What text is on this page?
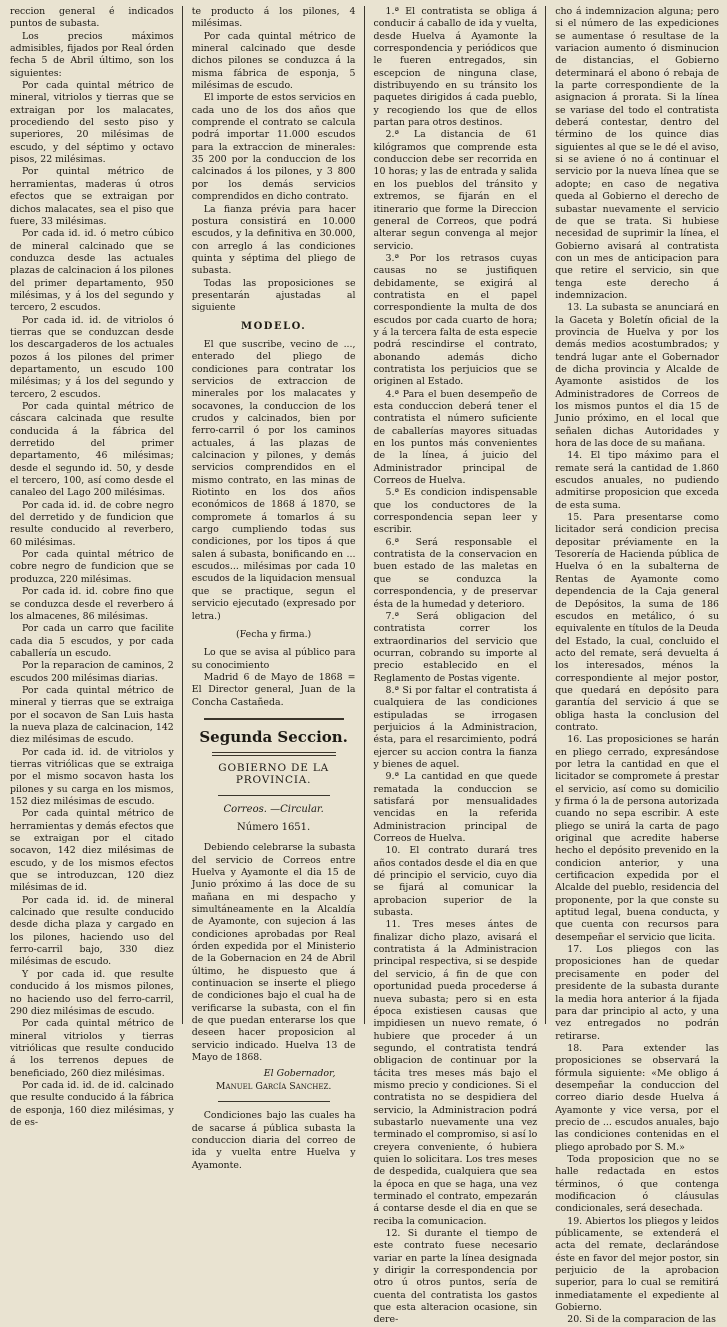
reccion general é indicados puntos de subasta.

Los precios máximos admisibles, fijados por Real órden fecha 5 de Abril último, son los siguientes:

Por cada quintal métrico de mineral, vitriolos y tierras que se extraigan por los malacates, procediendo del sesto piso y superiores, 20 milésimas de escudo, y del séptimo y octavo pisos, 22 milésimas.

Por quintal métrico de herramientas, maderas ú otros efectos que se extraigan por dichos malacates, sea el piso que fuere, 33 milésimas.

Por cada id. id. ó metro cúbico de mineral calcinado que se conduzca desde las actuales plazas de calcinacion á los pilones del primer departamento, 950 milésimas, y á los del segundo y tercero, 2 escudos.

Por cada id. id. de vitriolos ó tierras que se conduzcan desde los descargaderos de los actuales pozos á los pilones del primer departamento, un escudo 100 milésimas; y á los del segundo y tercero, 2 escudos.

Por cada quintal métrico de cáscara calcinada que resulte conducida á la fábrica del derretido del primer departamento, 46 milésimas; desde el segundo id. 50, y desde el tercero, 100, así como desde el canaleo del Lago 200 milésimas.

Por cada id. id. de cobre negro del derretido y de fundicion que resulte conducido al reverbero, 60 milésimas.

Por cada quintal métrico de cobre negro de fundicion que se produzca, 220 milésimas.

Por cada id. id. cobre fino que se conduzca desde el reverbero á los almacenes, 86 milésimas.

Por cada un carro que facilite cada dia 5 escudos, y por cada caballería un escudo.

Por la reparacion de caminos, 2 escudos 200 milésimas diarias.

Por cada quintal métrico de mineral y tierras que se extraiga por el socavon de San Luis hasta la nueva plaza de calcinacion, 142 diez milésimas de escudo.

Por cada id. id. de vitriolos y tierras vitriólicas que se extraiga por el mismo socavon hasta los pilones y su carga en los mismos, 152 diez milésimas de escudo.

Por cada quintal métrico de herramientas y demás efectos que se extraigan por el citado socavon, 142 diez milésimas de escudo, y de los mismos efectos que se introduzcan, 120 diez milésimas de id.

Por cada id. id. de mineral calcinado que resulte conducido desde dicha plaza y cargado en los pilones, haciendo uso del ferro-carril bajo, 330 diez milésimas de escudo.

Y por cada id. que resulte conducido á los mismos pilones, no haciendo uso del ferro-carril, 290 diez milésimas de escudo.

Por cada quintal métrico de mineral vitriolos y tierras vitriólicas que resulte conducido á los terrenos depues de beneficiado, 260 diez milésimas.

Por cada id. id. de id. calcinado que resulte conducido á la fábrica de esponja, 160 diez milésimas, y de es-

te producto á los pilones, 4 milésimas.

Por cada quintal métrico de mineral calcinado que desde dichos pilones se conduzca á la misma fábrica de esponja, 5 milésimas de escudo.

El importe de estos servicios en cada uno de los dos años que comprende el contrato se calcula podrá importar 11.000 escudos para la extraccion de minerales: 35 200 por la conduccion de los calcinados á los pilones, y 3 800 por los demás servicios comprendidos en dicho contrato.

La fianza prévia para hacer postura consistirá en 10.000 escudos, y la definitiva en 30.000, con arreglo á las condiciones quinta y séptima del pliego de subasta.

Todas las proposiciones se presentarán ajustadas al siguiente

MODELO.

El que suscribe, vecino de ..., enterado del pliego de condiciones para contratar los servicios de extraccion de minerales por los malacates y socavones, la conduccion de los crudos y calcinados, bien por ferro-carril ó por los caminos actuales, á las plazas de calcinacion y pilones, y demás servicios comprendidos en el mismo contrato, en las minas de Riotinto en los dos años económicos de 1868 á 1870, se compromete á tomarlos á su cargo cumpliendo todas sus condiciones, por los tipos á que salen á subasta, bonificando en ... escudos... milésimas por cada 10 escudos de la liquidacion mensual que se practique, segun el servicio ejecutado (expresado por letra.)

(Fecha y firma.)

Lo que se avisa al público para su conocimiento

Madrid 6 de Mayo de 1868 = El Director general, Juan de la Concha Castañeda.

Segunda Seccion.
GOBIERNO DE LA PROVINCIA.
Correos. —Circular.
Número 1651.

Debiendo celebrarse la subasta del servicio de Correos entre Huelva y Ayamonte el dia 15 de Junio próximo á las doce de su mañana en mi despacho y simultáneamente en la Alcaldía de Ayamonte, con sujecion á las condiciones aprobadas por Real órden expedida por el Ministerio de la Gobernacion en 24 de Abril último, he dispuesto que á continuacion se inserte el pliego de condiciones bajo el cual ha de verificarse la subasta, con el fin de que puedan enterarse los que deseen hacer proposicion al servicio indicado. Huelva 13 de Mayo de 1868.

El Gobernador,
Manuel García Sanchez.

Condiciones bajo las cuales ha de sacarse á pública subasta la conduccion diaria del correo de ida y vuelta entre Huelva y Ayamonte.

1.ª El contratista se obliga á conducir á caballo de ida y vuelta, desde Huelva á Ayamonte la correspondencia y periódicos que le fueren entregados, sin escepcion de ninguna clase, distribuyendo en su tránsito los paquetes dirigidos á cada pueblo, y recogiendo los que de ellos partan para otros destinos.

2.ª La distancia de 61 kilógramos que comprende esta conduccion debe ser recorrida en 10 horas; y las de entrada y salida en los pueblos del tránsito y extremos, se fijarán en el itinerario que forme la Direccion general de Correos, que podrá alterar segun convenga al mejor servicio.

3.ª Por los retrasos cuyas causas no se justifiquen debidamente, se exigirá al contratista en el papel correspondiente la multa de dos escudos por cada cuarto de hora; y á la tercera falta de esta especie podrá rescindirse el contrato, abonando además dicho contratista los perjuicios que se originen al Estado.

4.ª Para el buen desempeño de esta conduccion deberá tener el contratista el número suficiente de caballerías mayores situadas en los puntos más convenientes de la línea, á juicio del Administrador principal de Correos de Huelva.

5.ª Es condicion indispensable que los conductores de la correspondencia sepan leer y escribir.

6.ª Será responsable el contratista de la conservacion en buen estado de las maletas en que se conduzca la correspondencia, y de preservar ésta de la humedad y deterioro.

7.ª Será obligacion del contratista correr los extraordinarios del servicio que ocurran, cobrando su importe al precio establecido en el Reglamento de Postas vigente.

8.ª Si por faltar el contratista á cualquiera de las condiciones estipuladas se irrogasen perjuicios á la Administracion, ésta, para el resarcimiento, podrá ejercer su accion contra la fianza y bienes de aquel.

9.ª La cantidad en que quede rematada la conduccion se satisfará por mensualidades vencidas en la referida Administracion principal de Correos de Huelva.

10. El contrato durará tres años contados desde el dia en que dé principio el servicio, cuyo dia se fijará al comunicar la aprobacion superior de la subasta.

11. Tres meses ántes de finalizar dicho plazo, avisará el contratista á la Administracion principal respectiva, si se despide del servicio, á fin de que con oportunidad pueda procederse á nueva subasta; pero si en esta época existiesen causas que impidiesen un nuevo remate, ó hubiere que proceder á un segundo, el contratista tendrá obligacion de continuar por la tácita tres meses más bajo el mismo precio y condiciones. Si el contratista no se despidiera del servicio, la Administracion podrá subastarlo nuevamente una vez terminado el compromiso, si así lo creyera conveniente, ó hubiera quien lo solicitara. Los tres meses de despedida, cualquiera que sea la época en que se haga, una vez terminado el contrato, empezarán á contarse desde el dia en que se reciba la comunicacion.

12. Si durante el tiempo de este contrato fuese necesario variar en parte la línea designada y dirigir la correspondencia por otro ú otros puntos, sería de cuenta del contratista los gastos que esta alteracion ocasione, sin dere-

cho á indemnizacion alguna; pero si el número de las expediciones se aumentase ó resultase de la variacion aumento ó disminucion de distancias, el Gobierno determinará el abono ó rebaja de la parte correspondiente de la asignacion á prorata. Si la línea se variase del todo el contratista deberá contestar, dentro del término de los quince dias siguientes al que se le dé el aviso, si se aviene ó no á continuar el servicio por la nueva línea que se adopte; en caso de negativa queda al Gobierno el derecho de subastar nuevamente el servicio de que se trata. Si hubiese necesidad de suprimir la línea, el Gobierno avisará al contratista con un mes de anticipacion para que retire el servicio, sin que tenga este derecho á indemnizacion.

13. La subasta se anunciará en la Gaceta y Boletín oficial de la provincia de Huelva y por los demás medios acostumbrados; y tendrá lugar ante el Gobernador de dicha provincia y Alcalde de Ayamonte asistidos de los Administradores de Correos de los mismos puntos el dia 15 de Junio próximo, en el local que señalen dichas Autoridades y hora de las doce de su mañana.

14. El tipo máximo para el remate será la cantidad de 1.860 escudos anuales, no pudiendo admitirse proposicion que exceda de esta suma.

15. Para presentarse como licitador será condicion precisa depositar préviamente en la Tesorería de Hacienda pública de Huelva ó en la subalterna de Rentas de Ayamonte como dependencia de la Caja general de Depósitos, la suma de 186 escudos en metálico, ó su equivalente en títulos de la Deuda del Estado, la cual, concluido el acto del remate, será devuelta á los interesados, ménos la correspondiente al mejor postor, que quedará en depósito para garantía del servicio á que se obliga hasta la conclusion del contrato.

16. Las proposiciones se harán en pliego cerrado, expresándose por letra la cantidad en que el licitador se compromete á prestar el servicio, así como su domicilio y firma ó la de persona autorizada cuando no sepa escribir. A este pliego se unirá la carta de pago original que acredite haberse hecho el depósito prevenido en la condicion anterior, y una certificacion expedida por el Alcalde del pueblo, residencia del proponente, por la que conste su aptitud legal, buena conducta, y que cuenta con recursos para desempeñar el servicio que licita.

17. Los pliegos con las proposiciones han de quedar precisamente en poder del presidente de la subasta durante la media hora anterior á la fijada para dar principio al acto, y una vez entregados no podrán retirarse.

18. Para extender las proposiciones se observará la fórmula siguiente: «Me obligo á desempeñar la conduccion del correo diario desde Huelva á Ayamonte y vice versa, por el precio de ... escudos anuales, bajo las condiciones contenidas en el pliego aprobado por S. M.»

Toda proposicion que no se halle redactada en estos términos, ó que contenga modificacion ó cláusulas condicionales, será desechada.

19. Abiertos los pliegos y leidos públicamente, se extenderá el acta del remate, declarándose éste en favor del mejor postor, sin perjuicio de la aprobacion superior, para lo cual se remitirá inmediatamente el expediente al Gobierno.

20. Si de la comparacion de las
